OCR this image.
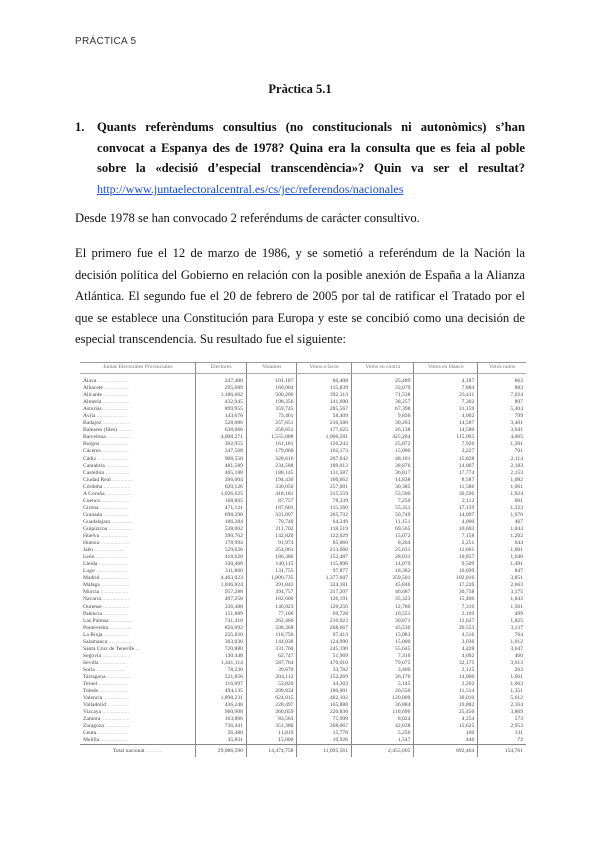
PRÁCTICA 5
Pràctica 5.1
1. Quants referèndums consultius (no constitucionals ni autonòmics) s’han convocat a Espanya des de 1978? Quina era la consulta que es feia al poble sobre la «decisió d’especial transcendència»? Quin va ser el resultat?
http://www.juntaelectoralcentral.es/cs/jec/referendos/nacionales
Desde 1978 se han convocado 2 referéndums de carácter consultivo.
El primero fue el 12 de marzo de 1986, y se sometió a referéndum de la Nación la decisión política del Gobierno en relación con la posible anexión de España a la Alianza Atlántica. El segundo fue el 20 de febrero de 2005 por tal de ratificar el Tratado por el que se establece una Constitución para Europa y este se concibió como una decisión de especial transcendencia. Su resultado fue el siguiente:
Juntas Electorales Provinciales	Electores	Votantes	Votos a favor	Votos en contra	Votos en blanco	Votos nulos
Álava .....................	247,400	101,187	66,408	25,489	4,187	863
Albacete ..................	295,689	160,004	115,839	33,079	7,884	883
Alicante ..................	1,186,662	500,206	392,313	71,538	23,411	7,024
Almería ...................	432,945	198,356	141,690	38,257	7,302	897
Asturias ..................	899,955	359,745	285,567	67,398	31,159	5,403
Ávila .....................	143,676	73,461	58,409	9,836	4,002	799
Badajoz ...................	528,086	257,651	210,580	30,263	14,587	3,401
Baleares (Illes) ..........	638,066	258,651	177,625	26,138	14,580	3,641
Barcelona .................	4,008,271	1,555,888	1,006,501	425,204	115,065	4,065
Burgos ....................	302,955	161,181	126,243	25,872	7,926	1,201
Cáceres ...................	347,568	179,060	162,173	15,000	3,227	701
Cádiz .....................	908,558	328,616	207,042	48,101	15,828	2,114
Cantabria .................	481,589	234,588	189,013	38,876	14,067	2,183
Castellón .................	405,188	188,145	131,587	36,817	17,774	2,153
Ciudad Real ...............	396,004	194,430	166,662	14,838	8,587	1,082
Córdoba ...................	620,126	330,050	257,001	30,385	11,586	1,061
A Coruña ..................	1,026,625	418,181	315,559	53,500	30,596	1,924
Cuenca ....................	168,865	87,757	78,339	7,250	2,112	661
Girona ....................	471,121	187,601	115,160	55,351	17,159	1,323
Granada ...................	698,290	331,007	265,732	50,749	14,097	1,970
Guadalajara ...............	186,284	70,740	64,249	11,151	4,000	467
Guipúzcoa .................	538,062	211,702	118,519	69,565	10,603	1,043
Huelva ....................	390,762	142,820	122,029	15,072	7,158	1,202
Huesca ....................	178,994	91,974	85,060	8,264	2,251	644
Jaén ......................	529,626	254,061	213,660	25,631	11,661	1,601
León ......................	418,628	186,386	152,487	28,031	10,857	1,640
Lleida ....................	330,468	140,115	115,896	14,079	9,509	1,491
Lugo ......................	311,860	131,755	97,877	18,382	10,699	847
Madrid ....................	4,463,023	1,800,735	1,377,607	359,501	102,016	3,851
Málaga ....................	1,046,824	391,842	324,181	45,846	17,226	2,663
Murcia ....................	957,288	394,757	317,207	46,687	30,758	3,175
Navarra ...................	497,250	182,606	126,191	35,323	15,406	1,843
Ourense ...................	336,480	146,023	126,256	12,780	7,316	1,561
Palencia ..................	151,889	77,106	69,728	10,551	2,169	499
Las Palmas ................	741,418	262,460	210,023	30,871	12,647	1,825
Pontevedra ................	856,092	338,368	268,667	45,536	20,553	3,137
La Rioja ..................	255,820	118,756	97,413	15,083	4,516	764
Salamanca .................	303,036	144,038	124,990	15,000	3,036	1,012
Santa Cruz de Tenerife ....	720,880	331,760	245,190	55,645	4,428	3,647
Segovia ...................	130,448	62,747	51,969	7,316	4,002	460
Sevilla ...................	1,441,114	587,764	470,010	79,075	32,175	3,613
Soria .....................	78,230	39,670	33,782	3,400	2,125	263
Tarragona .................	521,856	204,112	152,269	36,176	14,006	1,661
Teruel ....................	116,097	53,820	44,303	5,145	3,202	1,063
Toledo ....................	494,135	209,834	180,001	20,550	11,514	1,351
Valencia ..................	1,898,231	624,015	482,102	120,000	30,010	5,612
Valladolid ................	436,248	228,497	165,888	36,884	19,882	2,164
Vizcaya ...................	960,908	360,059	220,836	110,696	25,450	3,869
Zamora ....................	163,866	83,563	75,999	8,024	4,254	573
Zaragoza ..................	736,441	351,380	268,067	42,838	15,625	2,953
Ceuta .....................	56,480	11,819	15,778	5,256	160	131
Melilla ...................	45,831	15,000	10,926	1,547	446	72
Total nacional ............	29,086,590	14,474,758	11,095,561	2,455,005	892,464	154,761
